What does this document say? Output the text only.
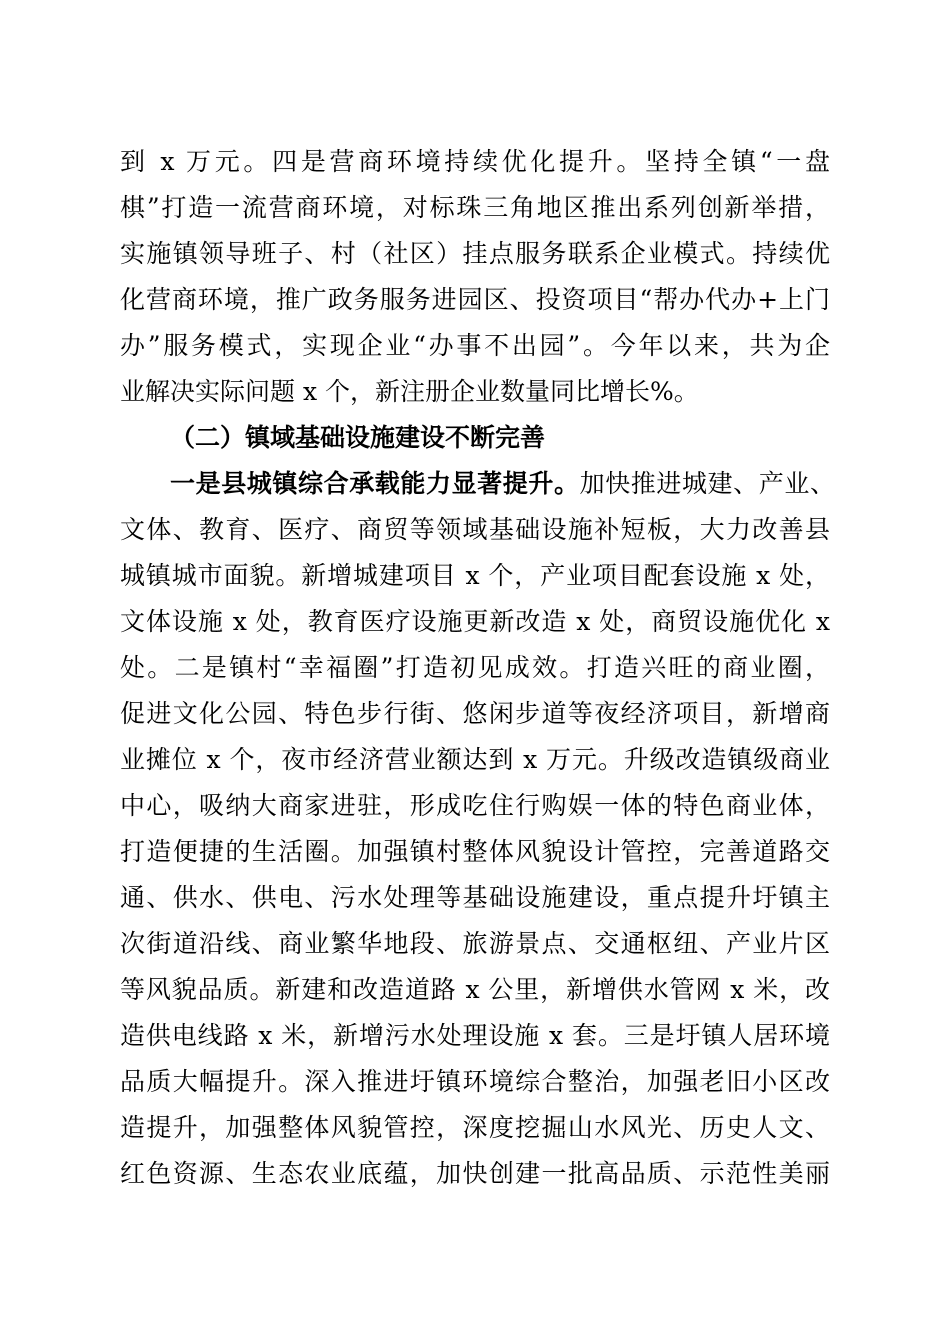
到 x 万元。四是营商环境持续优化提升。坚持全镇“一盘
棋”打造一流营商环境，对标珠三角地区推出系列创新举措，
实施镇领导班子、村（社区）挂点服务联系企业模式。持续优
化营商环境，推广政务服务进园区、投资项目“帮办代办+上门
办”服务模式，实现企业“办事不出园”。今年以来，共为企
业解决实际问题 x 个，新注册企业数量同比增长%。
（二）镇域基础设施建设不断完善
一是县城镇综合承载能力显著提升。加快推进城建、产业、
文体、教育、医疗、商贸等领域基础设施补短板，大力改善县
城镇城市面貌。新增城建项目 x 个，产业项目配套设施 x 处，
文体设施 x 处，教育医疗设施更新改造 x 处，商贸设施优化 x
处。二是镇村“幸福圈”打造初见成效。打造兴旺的商业圈，
促进文化公园、特色步行街、悠闲步道等夜经济项目，新增商
业摊位 x 个，夜市经济营业额达到 x 万元。升级改造镇级商业
中心，吸纳大商家进驻，形成吃住行购娱一体的特色商业体，
打造便捷的生活圈。加强镇村整体风貌设计管控，完善道路交
通、供水、供电、污水处理等基础设施建设，重点提升圩镇主
次街道沿线、商业繁华地段、旅游景点、交通枢纽、产业片区
等风貌品质。新建和改造道路 x 公里，新增供水管网 x 米，改
造供电线路 x 米，新增污水处理设施 x 套。三是圩镇人居环境
品质大幅提升。深入推进圩镇环境综合整治，加强老旧小区改
造提升，加强整体风貌管控，深度挖掘山水风光、历史人文、
红色资源、生态农业底蕴，加快创建一批高品质、示范性美丽
